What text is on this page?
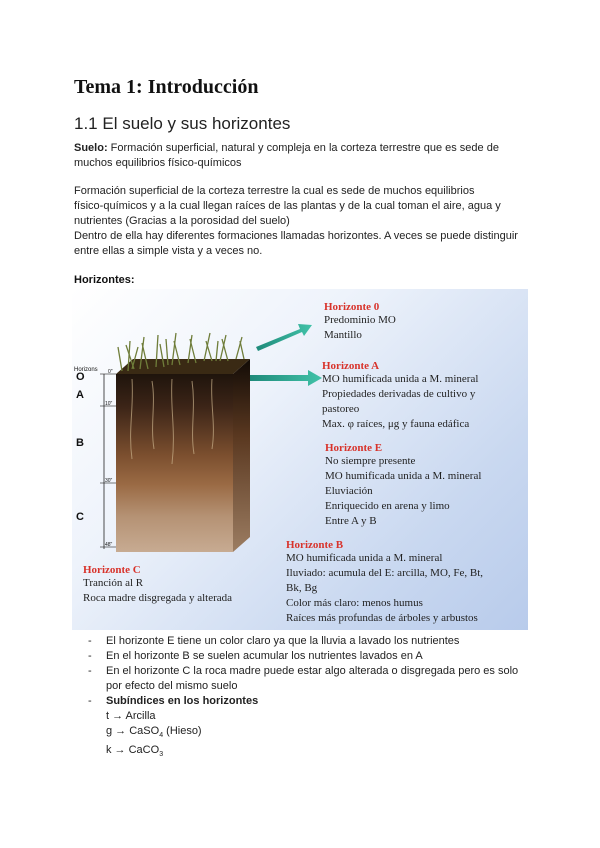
Tema 1: Introducción
1.1 El suelo y sus horizontes
Suelo: Formación superficial, natural y compleja en la corteza terrestre que es sede de
muchos equilibrios físico-químicos
Formación superficial de la corteza terrestre la cual es sede de muchos equilibrios
físico-químicos y a la cual llegan raíces de las plantas y de la cual toman el aire, agua y
nutrientes (Gracias a la porosidad del suelo)
Dentro de ella hay diferentes formaciones llamadas horizontes. A veces se puede distinguir
entre ellas a simple vista y a veces no.
Horizontes:
Horizons
O
A
B
C
0"
10"
30"
48"
Horizonte 0
Predominio MO
Mantillo
Horizonte A
MO humificada unida a M. mineral
Propiedades derivadas de cultivo y
pastoreo
Max. φ raíces, μg y fauna edáfica
Horizonte E
No siempre presente
MO humificada unida a M. mineral
Eluviación
Enriquecido en arena y limo
Entre A y B
Horizonte B
MO humificada unida a M. mineral
Iluviado: acumula del E: arcilla, MO, Fe, Bt,
Bk, Bg
Color más claro: menos humus
Raíces más profundas de árboles y arbustos
Horizonte C
Tranción al R
Roca madre disgregada y alterada
- El horizonte E tiene un color claro ya que la lluvia a lavado los nutrientes
- En el horizonte B se suelen acumular los nutrientes lavados en A
- En el horizonte C la roca madre puede estar algo alterada o disgregada pero es solo
por efecto del mismo suelo
- Subíndices en los horizontes
t → Arcilla
g → CaSO$_4$ (Hieso)
k → CaCO$_3$
